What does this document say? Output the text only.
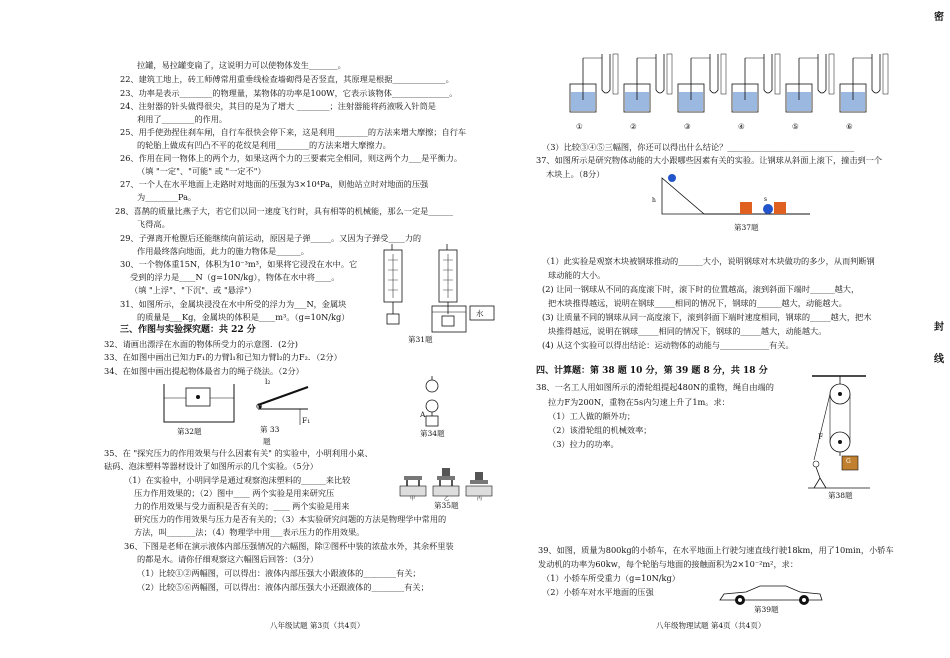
拉罐，易拉罐变扁了，这说明力可以使物体发生_______。
22、建筑工地上，砖工师傅常用重垂线检查墙砌得是否竖直，其原理是根据_____________。
23、功率是表示________的物理量，某物体的功率是100W，它表示该物体______________。
24、注射器的针头做得很尖，其目的是为了增大 ________；注射器能将药液吸入针筒是
利用了________的作用。
25、用手使劲捏住刹车闸，自行车很快会停下来，这是利用________的方法来增大摩擦；自行车
的轮胎上做成有凹凸不平的花纹是利用________的方法来增大摩擦力。
26、作用在同一物体上的两个力，如果这两个力的三要素完全相同，则这两个力___是平衡力。
（填 "一定"、"可能" 或 "一定不"）
27、一个人在水平地面上走路时对地面的压强为3×10⁴Pa，则他站立时对地面的压强
为________Pa。
28、喜鹊的质量比燕子大，若它们以同一速度飞行时，具有相等的机械能，那么一定是______
飞得高。
29、子弹离开枪膛后还能继续向前运动，原因是子弹_____。又因为子弹受____力的
作用最终落向地面，此力的施力物体是______。
30、一个物体重15N，体积为10⁻³m³，如果将它浸没在水中。它
受到的浮力是____N（g=10N/kg），物体在水中将____。
（填 "上浮"、"下沉"、或 "悬浮"）
31、如图所示，金属块浸没在水中所受的浮力为___N，金属块
的质量是___Kg，金属块的体积是____m³。（g=10N/kg）
三、作图与实验探究题：共 22 分
32、请画出漂浮在水面的物体所受力的示意图．(2分)
33、在如图中画出已知力F₁的力臂l₁和已知力臂l₂的力F₂．（2分）
34、在如图中画出提起物体最省力的绳子绕法。（2分）
35、在 "探究压力的作用效果与什么因素有关" 的实验中，小明利用小桌、
砝码、泡沫塑料等器材设计了如图所示的几个实验。（5分）
（1）在实验中，小明同学是通过观察泡沫塑料的______来比较
压力作用效果的；（2）图中____ 两个实验是用来研究压
力的作用效果与受力面积是否有关的；____ 两个实验是用来
研究压力的作用效果与压力是否有关的；（3）本实验研究问题的方法是物理学中常用的
方法，叫_______法；（4）物理学中用___表示压力的作用效果。
36、下图是老师在演示液体内部压强情况的六幅图，除②图杯中装的浓盐水外，其余杯里装
的都是水。请你仔细观察这六幅图后回答：（3分）
（1）比较①②两幅图，可以得出：液体内部压强大小跟液体的________有关；
（2）比较⑤⑥两幅图，可以得出：液体内部压强大小还跟液体的________有关；
水
第31题
第32题
l₂
O
F₁
第 33
题
A
第34题
甲	乙	丙
第35题
八年级试题 第3页（共4页）
（3）比较③④⑤三幅图，你还可以得出什么结论？_______________________________
37、如图所示是研究物体动能的大小跟哪些因素有关的实验。让钢球从斜面上滚下，撞击到一个
木块上。（8分）
（1）此实验是观察木块被钢球推动的______大小，说明钢球对木块做功的多少，从而判断钢
球动能的大小。
(2) 让同一钢球从不同的高度滚下时，滚下时的位置越高，滚到斜面下端时______越大，
把木块推得越远，说明在钢球_____相同的情况下，钢球的______越大，动能越大。
(3) 让质量不同的钢球从同一高度滚下，滚到斜面下端时速度相同，钢球的_____越大，把木
块推得越远，说明在钢球_____相同的情况下，钢球的_____越大，动能越大。
(4) 从这个实验可以得出结论：运动物体的动能与____________有关。
四、计算题：第 38 题 10 分，第 39 题 8 分，共 18 分
38、一名工人用如图所示的滑轮组提起480N的重物，绳自由端的
拉力F为200N，重物在5s内匀速上升了1m。求：
（1）工人做的额外功；
（2）该滑轮组的机械效率；
（3）拉力的功率。
39、如图，质量为800kg的小轿车，在水平地面上行驶匀速直线行驶18km，用了10min，小轿车
发动机的功率为60kw，每个轮胎与地面的接触面积为2×10⁻²m²，求：
（1）小轿车所受重力（g=10N/kg）
（2）小轿车对水平地面的压强
①	②	③	④	⑤	⑥
h	s
第37题
F
G
第38题
第39题
八年级物理试题 第4页（共4页）
密
封
线
